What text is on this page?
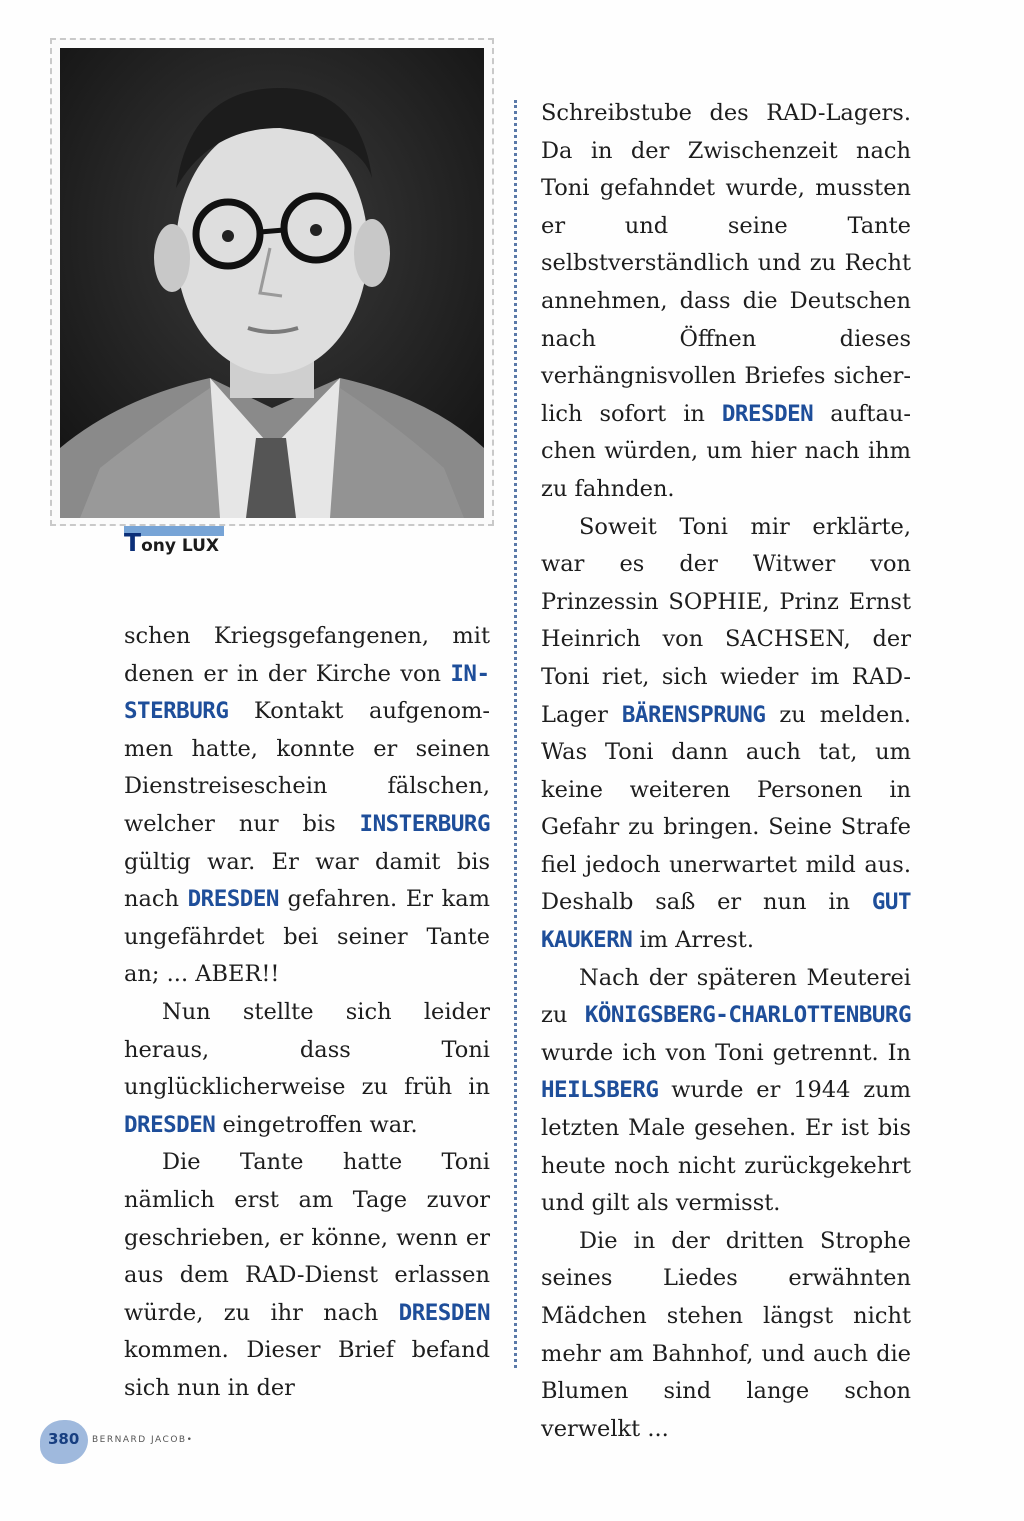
Tony LUX

schen Kriegsgefangenen, mit denen er in der Kirche von INSTERBURG Kontakt aufgenommen hatte, konnte er seinen Dienstreiseschein fälschen, welcher nur bis INSTERBURG gültig war. Er war damit bis nach DRESDEN gefahren. Er kam ungefährdet bei seiner Tante an; ... ABER!!

Nun stellte sich leider heraus, dass Toni unglücklicherweise zu früh in DRESDEN eingetroffen war.

Die Tante hatte Toni nämlich erst am Tage zuvor geschrieben, er könne, wenn er aus dem RAD-Dienst erlassen würde, zu ihr nach DRESDEN kommen. Dieser Brief befand sich nun in der

Schreibstube des RAD-Lagers. Da in der Zwischenzeit nach Toni gefahndet wurde, mussten er und seine Tante selbstverständlich und zu Recht annehmen, dass die Deutschen nach Öffnen dieses verhängnisvollen Briefes sicherlich sofort in DRESDEN auftauchen würden, um hier nach ihm zu fahnden.

Soweit Toni mir erklärte, war es der Witwer von Prinzessin SOPHIE, Prinz Ernst Heinrich von SACHSEN, der Toni riet, sich wieder im RAD-Lager BÄRENSPRUNG zu melden. Was Toni dann auch tat, um keine weiteren Personen in Gefahr zu bringen. Seine Strafe fiel jedoch unerwartet mild aus. Deshalb saß er nun in GUT KAUKERN im Arrest.

Nach der späteren Meuterei zu KÖNIGSBERG-CHARLOTTENBURG wurde ich von Toni getrennt. In HEILSBERG wurde er 1944 zum letzten Male gesehen. Er ist bis heute noch nicht zurückgekehrt und gilt als vermisst.

Die in der dritten Strophe seines Liedes erwähnten Mädchen stehen längst nicht mehr am Bahnhof, und auch die Blumen sind lange schon verwelkt ...

380 BERNARD JACOB•
